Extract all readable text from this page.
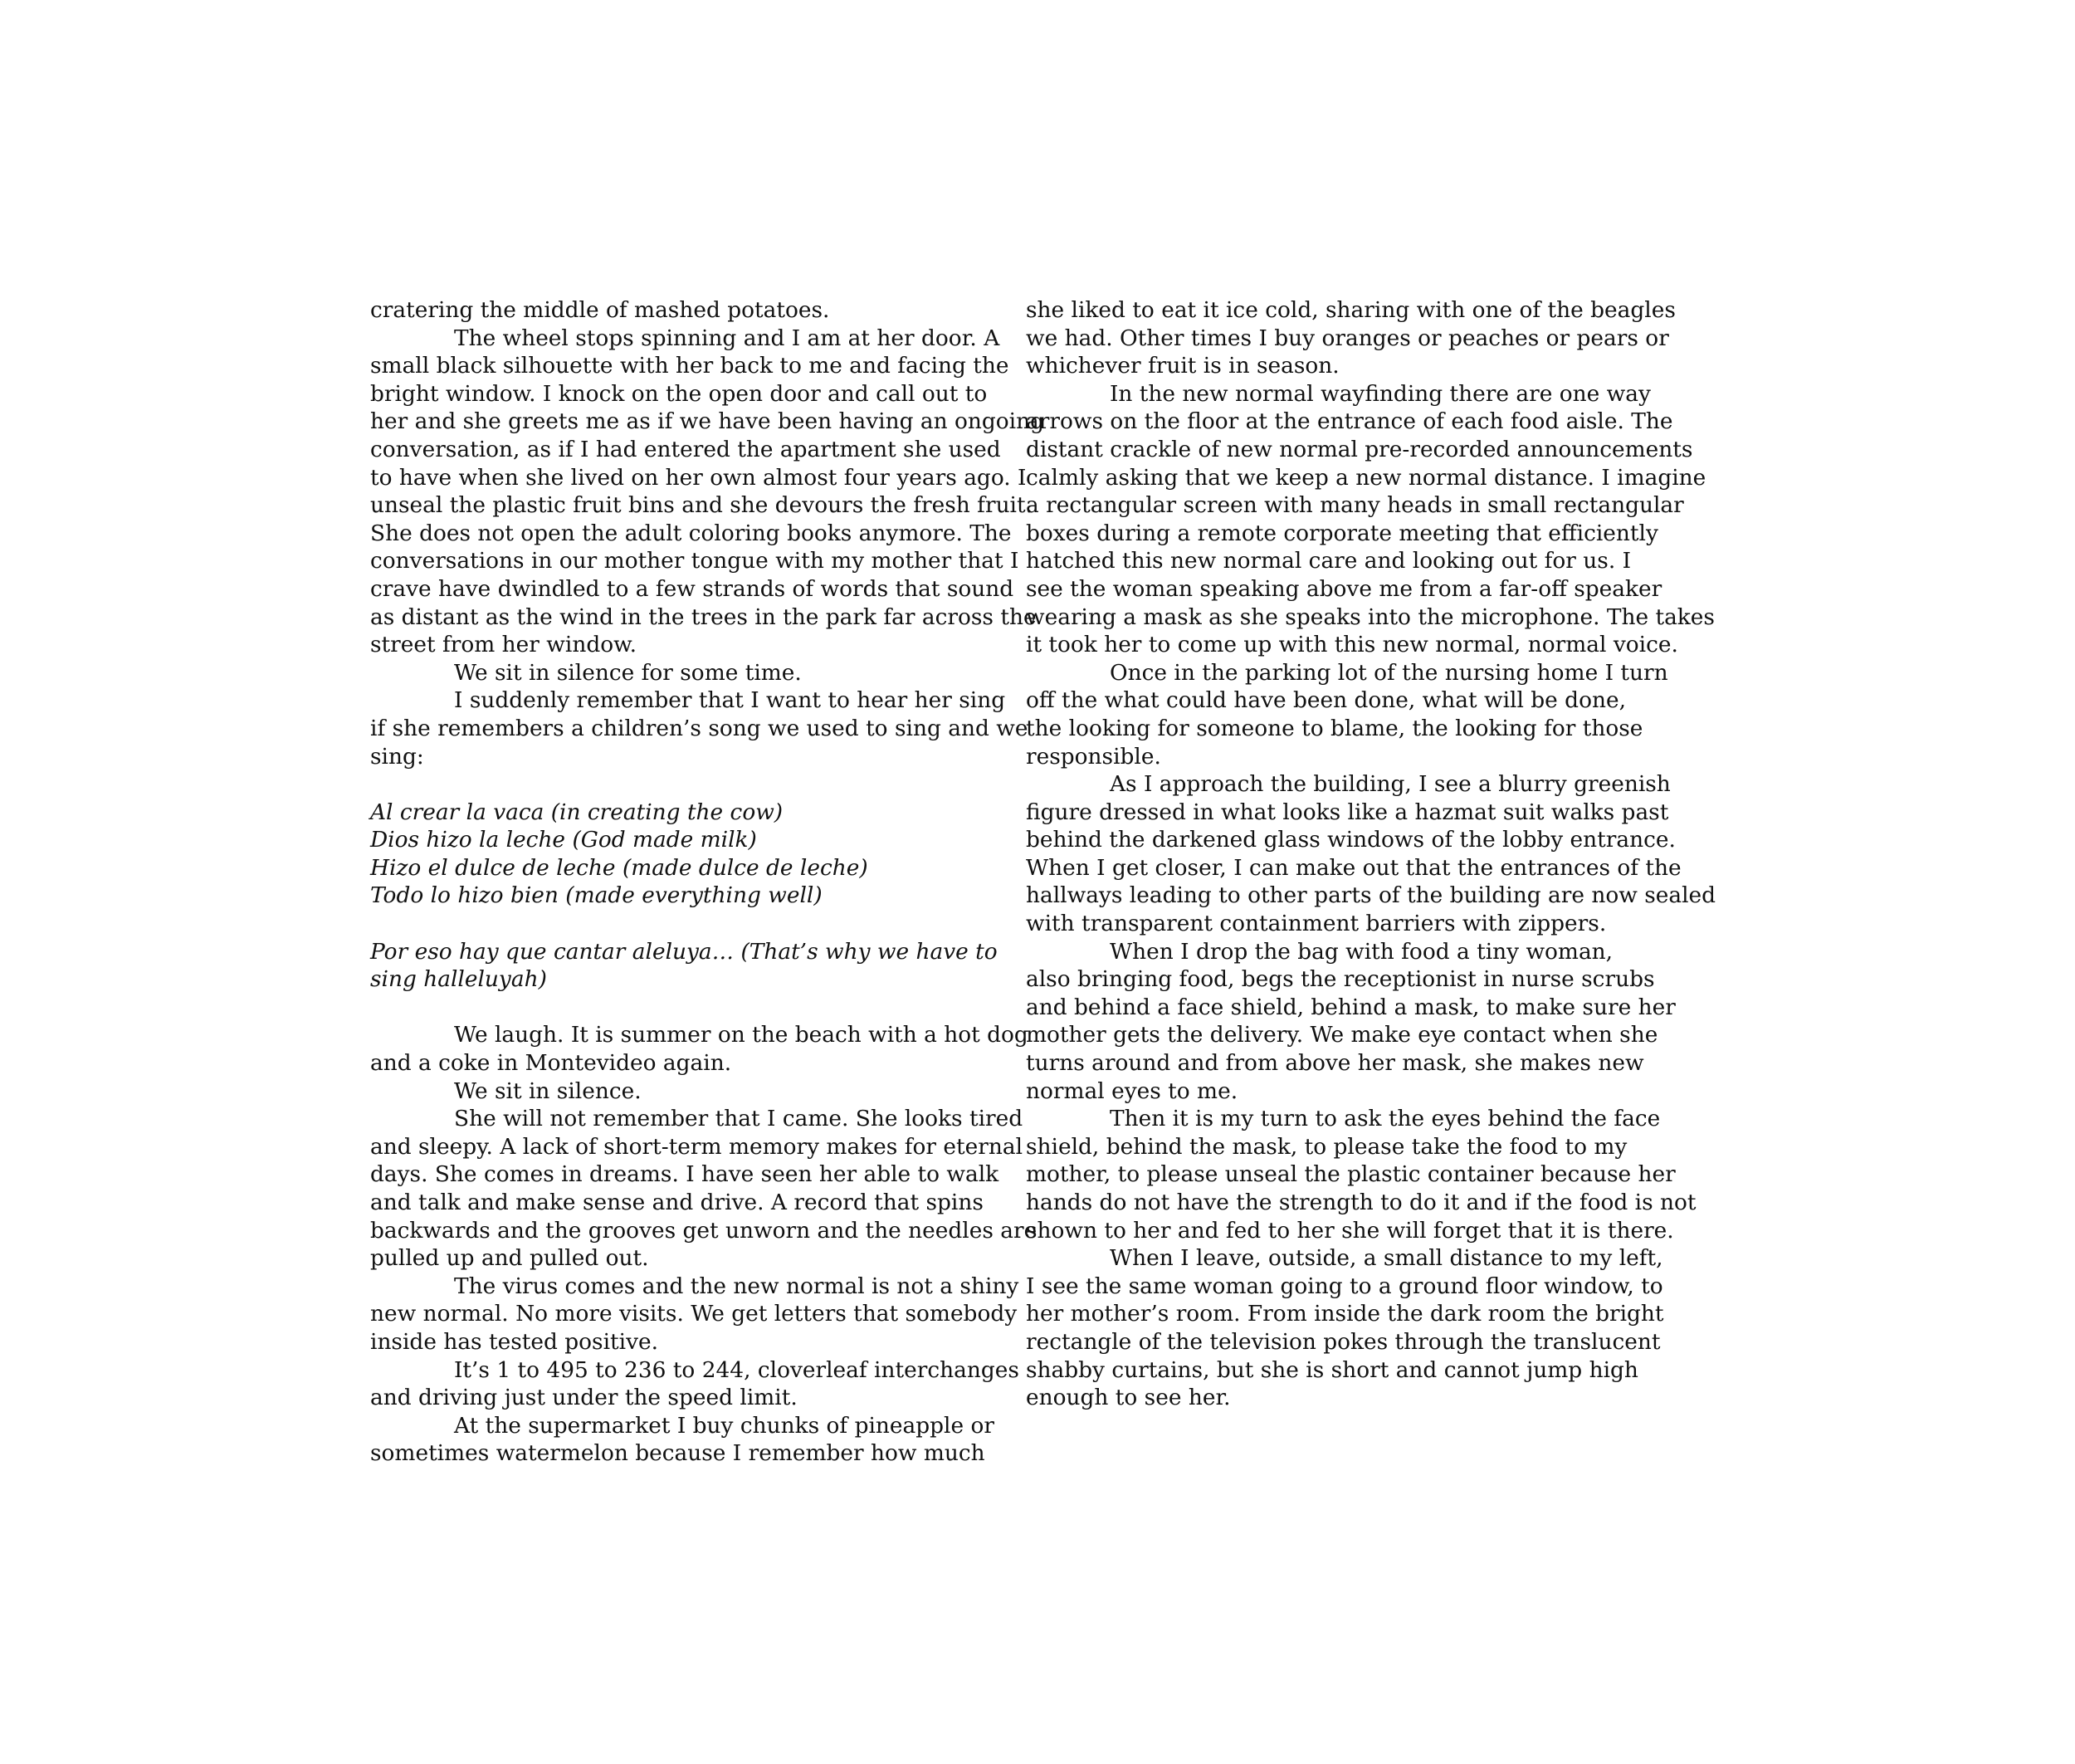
cratering the middle of mashed potatoes.
The wheel stops spinning and I am at her door. A
small black silhouette with her back to me and facing the
bright window. I knock on the open door and call out to
her and she greets me as if we have been having an ongoing
conversation, as if I had entered the apartment she used
to have when she lived on her own almost four years ago. I
unseal the plastic fruit bins and she devours the fresh fruit.
She does not open the adult coloring books anymore. The
conversations in our mother tongue with my mother that I
crave have dwindled to a few strands of words that sound
as distant as the wind in the trees in the park far across the
street from her window.
We sit in silence for some time.
I suddenly remember that I want to hear her sing
if she remembers a children’s song we used to sing and we
sing:
Al crear la vaca (in creating the cow)
Dios hizo la leche (God made milk)
Hizo el dulce de leche (made dulce de leche)
Todo lo hizo bien (made everything well)
Por eso hay que cantar aleluya… (That’s why we have to
sing halleluyah)
We laugh. It is summer on the beach with a hot dog
and a coke in Montevideo again.
We sit in silence.
She will not remember that I came. She looks tired
and sleepy. A lack of short-term memory makes for eternal
days. She comes in dreams. I have seen her able to walk
and talk and make sense and drive. A record that spins
backwards and the grooves get unworn and the needles are
pulled up and pulled out.
The virus comes and the new normal is not a shiny
new normal. No more visits. We get letters that somebody
inside has tested positive.
It’s 1 to 495 to 236 to 244, cloverleaf interchanges
and driving just under the speed limit.
At the supermarket I buy chunks of pineapple or
sometimes watermelon because I remember how much
she liked to eat it ice cold, sharing with one of the beagles
we had. Other times I buy oranges or peaches or pears or
whichever fruit is in season.
In the new normal wayfinding there are one way
arrows on the floor at the entrance of each food aisle. The
distant crackle of new normal pre-recorded announcements
calmly asking that we keep a new normal distance. I imagine
a rectangular screen with many heads in small rectangular
boxes during a remote corporate meeting that efficiently
hatched this new normal care and looking out for us. I
see the woman speaking above me from a far-off speaker
wearing a mask as she speaks into the microphone. The takes
it took her to come up with this new normal, normal voice.
Once in the parking lot of the nursing home I turn
off the what could have been done, what will be done,
the looking for someone to blame, the looking for those
responsible.
As I approach the building, I see a blurry greenish
figure dressed in what looks like a hazmat suit walks past
behind the darkened glass windows of the lobby entrance.
When I get closer, I can make out that the entrances of the
hallways leading to other parts of the building are now sealed
with transparent containment barriers with zippers.
When I drop the bag with food a tiny woman,
also bringing food, begs the receptionist in nurse scrubs
and behind a face shield, behind a mask, to make sure her
mother gets the delivery. We make eye contact when she
turns around and from above her mask, she makes new
normal eyes to me.
Then it is my turn to ask the eyes behind the face
shield, behind the mask, to please take the food to my
mother, to please unseal the plastic container because her
hands do not have the strength to do it and if the food is not
shown to her and fed to her she will forget that it is there.
When I leave, outside, a small distance to my left,
I see the same woman going to a ground floor window, to
her mother’s room. From inside the dark room the bright
rectangle of the television pokes through the translucent
shabby curtains, but she is short and cannot jump high
enough to see her.
